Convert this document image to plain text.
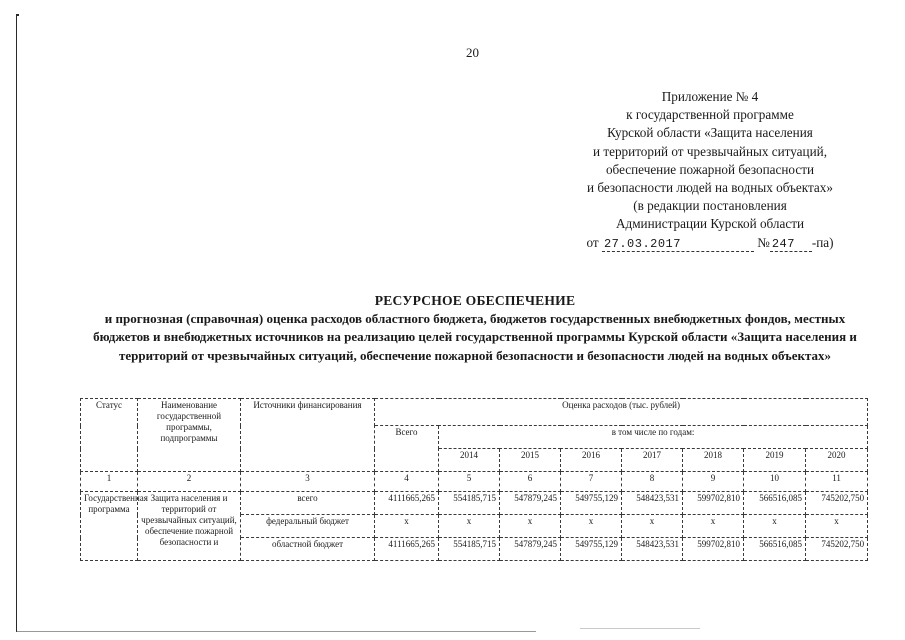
20
Приложение № 4
к государственной программе
Курской области «Защита населения
и территорий от чрезвычайных ситуаций,
обеспечение пожарной безопасности
и безопасности людей на водных объектах»
(в редакции постановления
Администрации Курской области
от 27.03.2017	№ 247 -па)
РЕСУРСНОЕ ОБЕСПЕЧЕНИЕ
и прогнозная (справочная) оценка расходов областного бюджета, бюджетов государственных внебюджетных фондов, местных бюджетов и внебюджетных источников на реализацию целей государственной программы Курской области «Защита населения и территорий от чрезвычайных ситуаций, обеспечение пожарной безопасности и безопасности людей на водных объектах»
Статус	Наименование государственной программы, подпрограммы	Источники финансирования	Оценка расходов (тыс. рублей)							
			Всего	в том числе по годам:						
				2014	2015	2016	2017	2018	2019	2020
1	2	3	4	5	6	7	8	9	10	11
Государственная программа	Защита населения и территорий от чрезвычайных ситуаций, обеспечение пожарной безопасности и	всего	4111665,265	554185,715	547879,245	549755,129	548423,531	599702,810	566516,085	745202,750
		федеральный бюджет	х	х	х	х	х	х	х	х
		областной бюджет	4111665,265	554185,715	547879,245	549755,129	548423,531	599702,810	566516,085	745202,750
